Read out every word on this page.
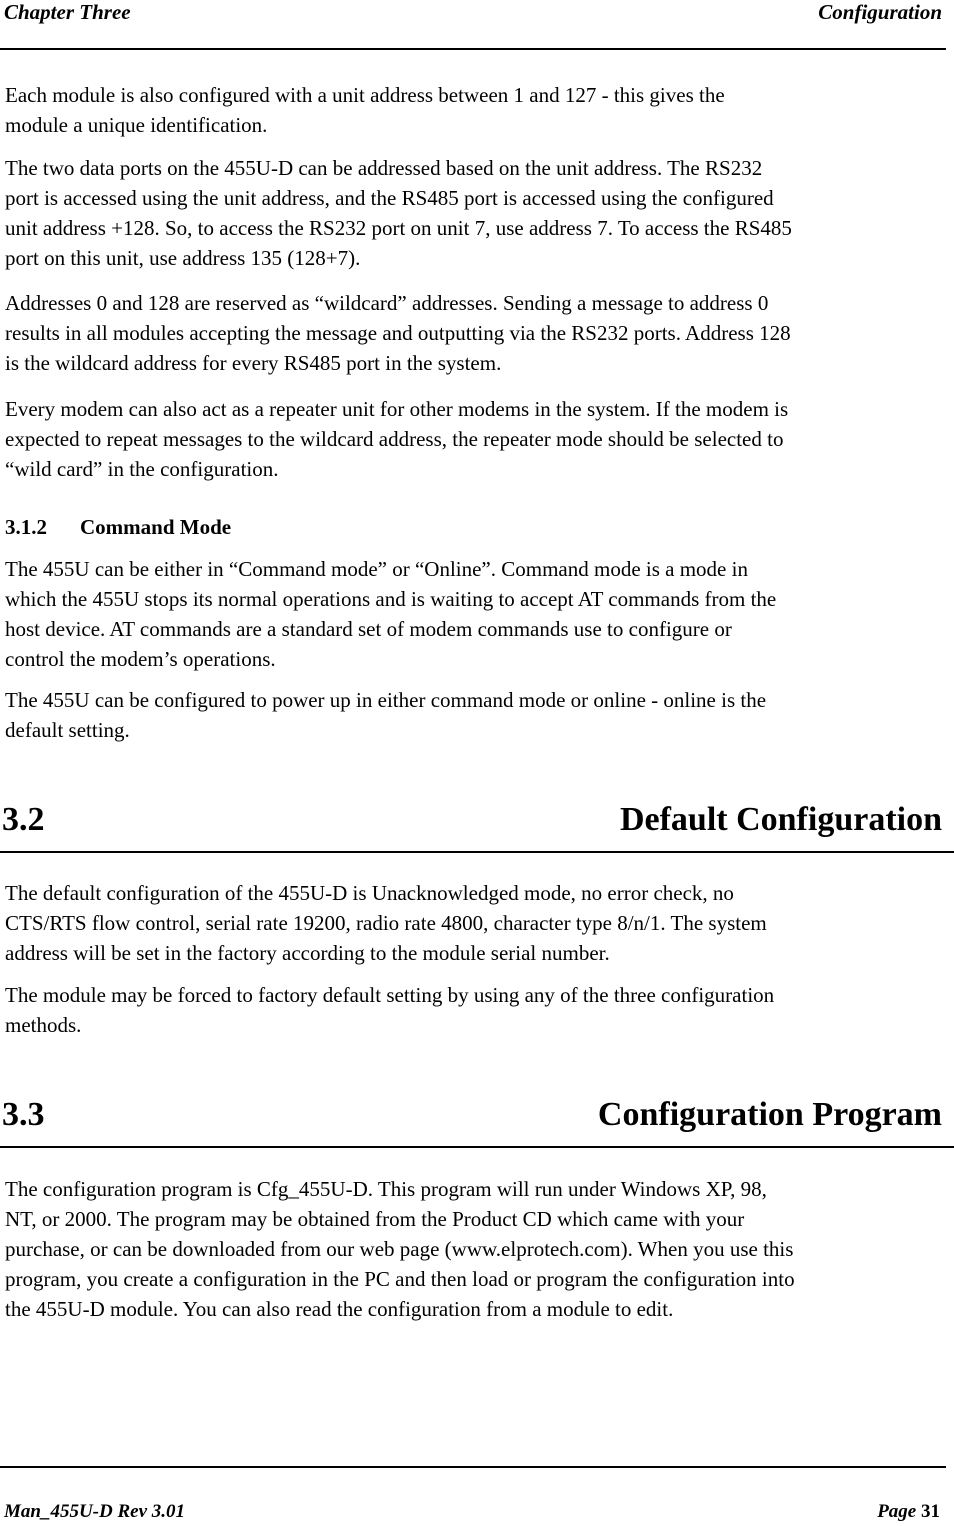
Chapter Three	Configuration

Each module is also configured with a unit address between 1 and 127 - this gives the
module a unique identification.

The two data ports on the 455U-D can be addressed based on the unit address. The RS232
port is accessed using the unit address, and the RS485 port is accessed using the configured
unit address +128. So, to access the RS232 port on unit 7, use address 7. To access the RS485
port on this unit, use address 135 (128+7).

Addresses 0 and 128 are reserved as “wildcard” addresses. Sending a message to address 0
results in all modules accepting the message and outputting via the RS232 ports. Address 128
is the wildcard address for every RS485 port in the system.

Every modem can also act as a repeater unit for other modems in the system. If the modem is
expected to repeat messages to the wildcard address, the repeater mode should be selected to
“wild card” in the configuration.

3.1.2 Command Mode

The 455U can be either in “Command mode” or “Online”. Command mode is a mode in
which the 455U stops its normal operations and is waiting to accept AT commands from the
host device. AT commands are a standard set of modem commands use to configure or
control the modem’s operations.

The 455U can be configured to power up in either command mode or online - online is the
default setting.

3.2	Default Configuration

The default configuration of the 455U-D is Unacknowledged mode, no error check, no
CTS/RTS flow control, serial rate 19200, radio rate 4800, character type 8/n/1. The system
address will be set in the factory according to the module serial number.

The module may be forced to factory default setting by using any of the three configuration
methods.

3.3	Configuration Program

The configuration program is Cfg_455U-D. This program will run under Windows XP, 98,
NT, or 2000. The program may be obtained from the Product CD which came with your
purchase, or can be downloaded from our web page (www.elprotech.com). When you use this
program, you create a configuration in the PC and then load or program the configuration into
the 455U-D module. You can also read the configuration from a module to edit.

Man_455U-D Rev 3.01	Page 31
